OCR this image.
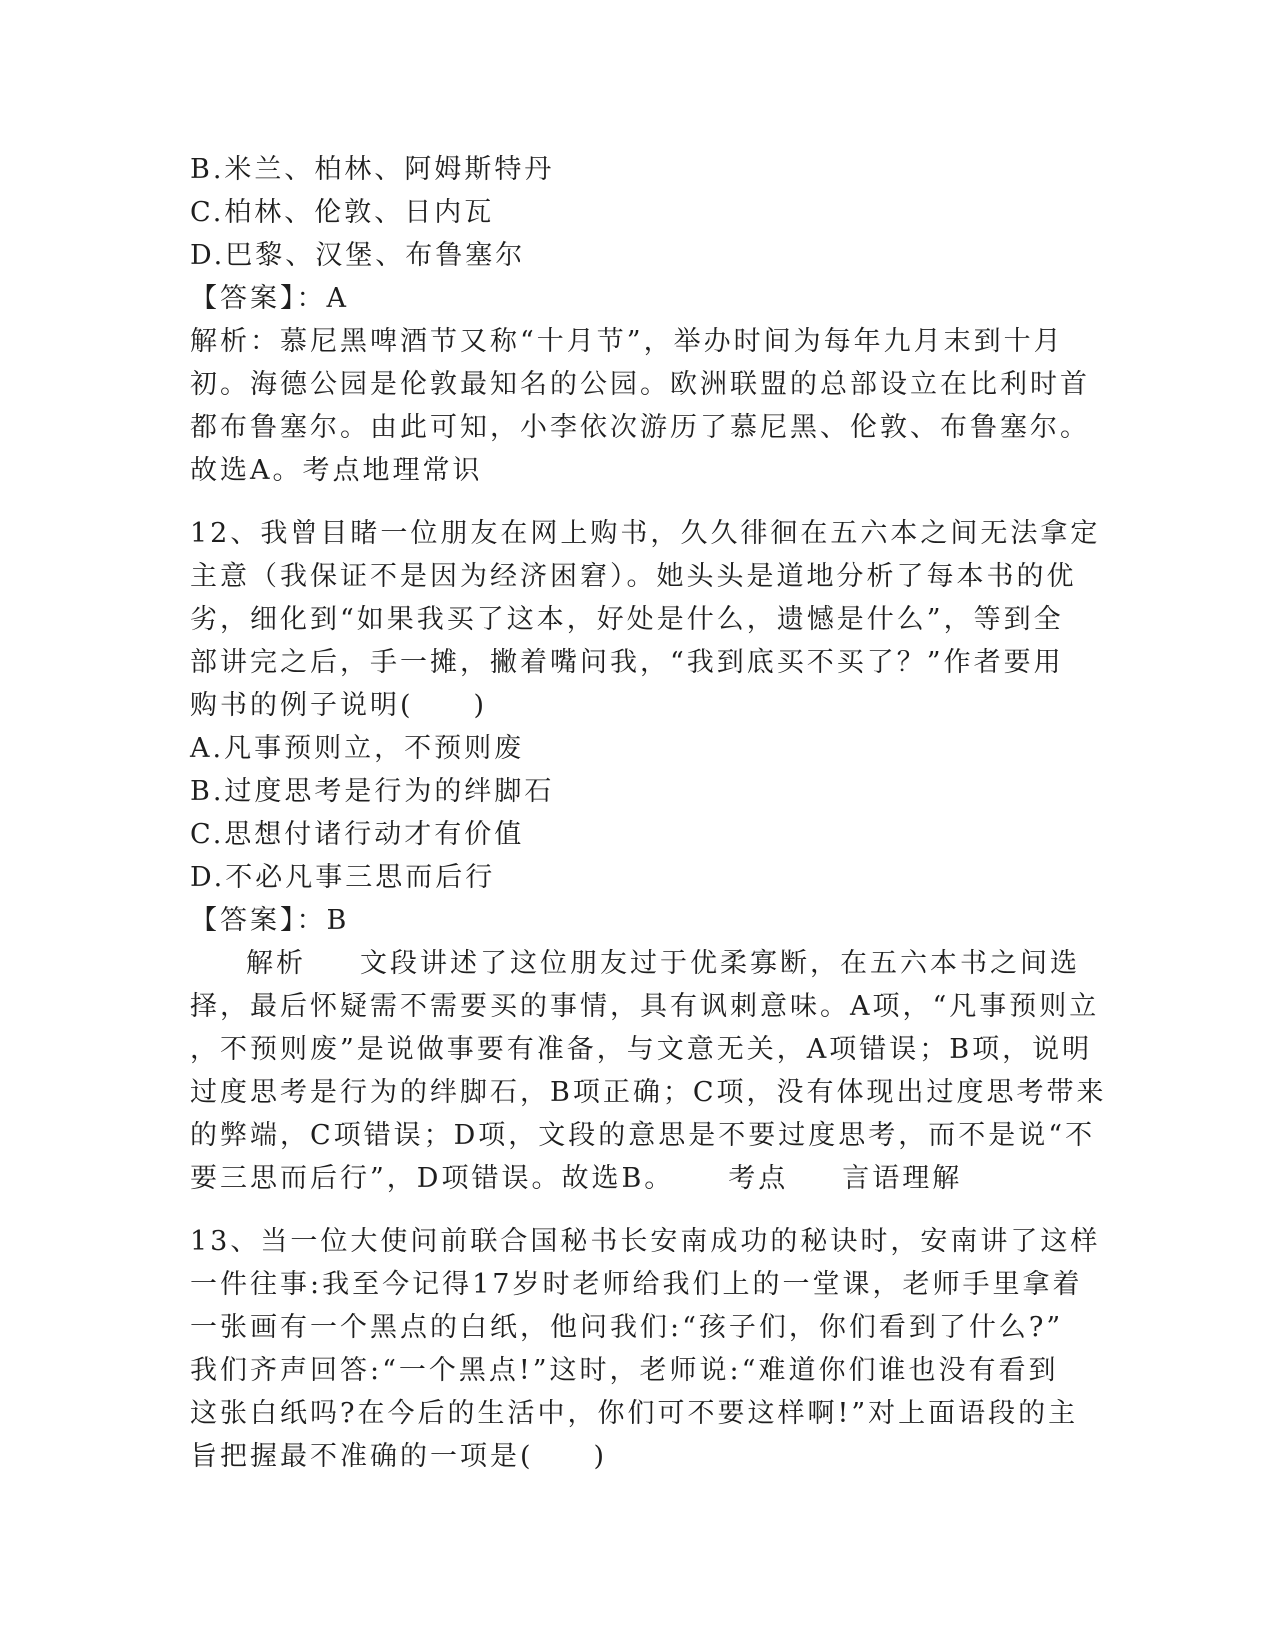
B.米兰、柏林、阿姆斯特丹
C.柏林、伦敦、日内瓦
D.巴黎、汉堡、布鲁塞尔
【答案】：A
解析：慕尼黑啤酒节又称“十月节”，举办时间为每年九月末到十月
初。海德公园是伦敦最知名的公园。欧洲联盟的总部设立在比利时首
都布鲁塞尔。由此可知，小李依次游历了慕尼黑、伦敦、布鲁塞尔。
故选A。考点地理常识
12、我曾目睹一位朋友在网上购书，久久徘徊在五六本之间无法拿定
主意（我保证不是因为经济困窘）。她头头是道地分析了每本书的优
劣，细化到“如果我买了这本，好处是什么，遗憾是什么”，等到全
部讲完之后，手一摊，撇着嘴问我，“我到底买不买了？”作者要用
购书的例子说明(　　)
A.凡事预则立，不预则废
B.过度思考是行为的绊脚石
C.思想付诸行动才有价值
D.不必凡事三思而后行
【答案】：B
解析 文段讲述了这位朋友过于优柔寡断，在五六本书之间选
择，最后怀疑需不需要买的事情，具有讽刺意味。A项，“凡事预则立
，不预则废”是说做事要有准备，与文意无关，A项错误；B项，说明
过度思考是行为的绊脚石，B项正确；C项，没有体现出过度思考带来
的弊端，C项错误；D项，文段的意思是不要过度思考，而不是说“不
要三思而后行”，D项错误。故选B。 考点 言语理解
13、当一位大使问前联合国秘书长安南成功的秘诀时，安南讲了这样
一件往事:我至今记得17岁时老师给我们上的一堂课，老师手里拿着
一张画有一个黑点的白纸，他问我们:“孩子们，你们看到了什么?”
我们齐声回答:“一个黑点!”这时，老师说:“难道你们谁也没有看到
这张白纸吗?在今后的生活中，你们可不要这样啊!”对上面语段的主
旨把握最不准确的一项是(　　)
